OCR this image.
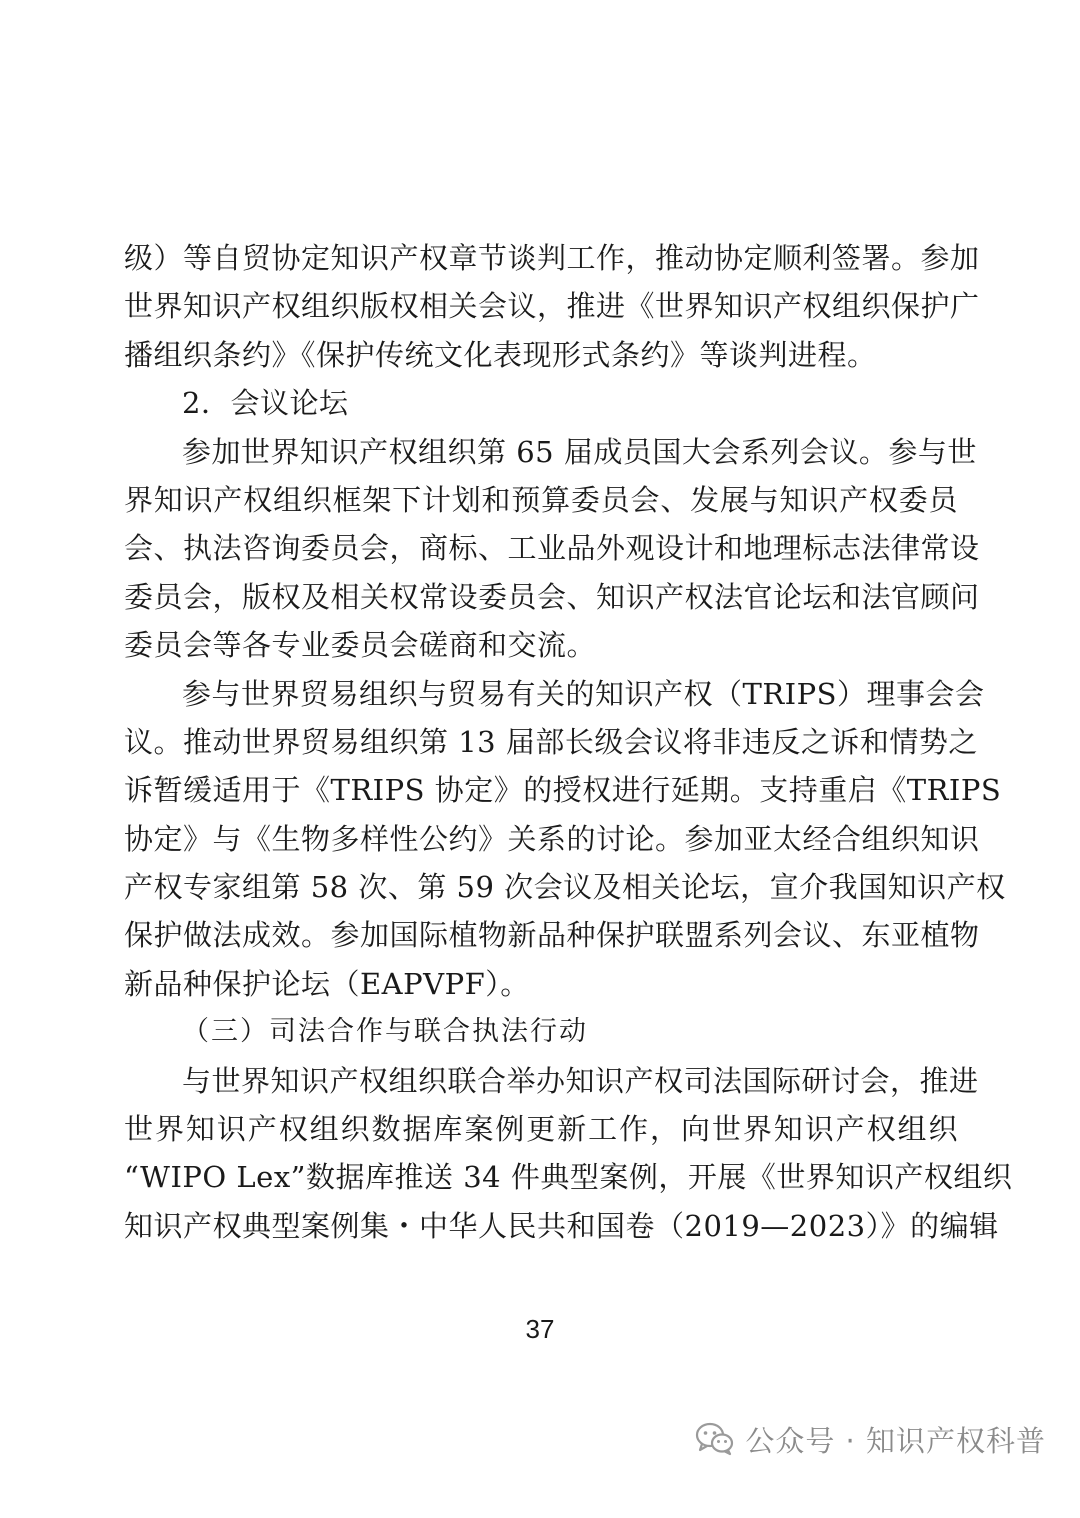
级）等自贸协定知识产权章节谈判工作，推动协定顺利签署。参加
世界知识产权组织版权相关会议，推进《世界知识产权组织保护广
播组织条约》《保护传统文化表现形式条约》等谈判进程。
2．会议论坛
参加世界知识产权组织第 65 届成员国大会系列会议。参与世
界知识产权组织框架下计划和预算委员会、发展与知识产权委员
会、执法咨询委员会，商标、工业品外观设计和地理标志法律常设
委员会，版权及相关权常设委员会、知识产权法官论坛和法官顾问
委员会等各专业委员会磋商和交流。
参与世界贸易组织与贸易有关的知识产权（TRIPS）理事会会
议。推动世界贸易组织第 13 届部长级会议将非违反之诉和情势之
诉暂缓适用于《TRIPS 协定》的授权进行延期。支持重启《TRIPS
协定》与《生物多样性公约》关系的讨论。参加亚太经合组织知识
产权专家组第 58 次、第 59 次会议及相关论坛，宣介我国知识产权
保护做法成效。参加国际植物新品种保护联盟系列会议、东亚植物
新品种保护论坛（EAPVPF）。
（三）司法合作与联合执法行动
与世界知识产权组织联合举办知识产权司法国际研讨会，推进
世界知识产权组织数据库案例更新工作，向世界知识产权组织
“WIPO Lex”数据库推送 34 件典型案例，开展《世界知识产权组织
知识产权典型案例集・中华人民共和国卷（2019—2023）》的编辑
37
公众号 · 知识产权科普
